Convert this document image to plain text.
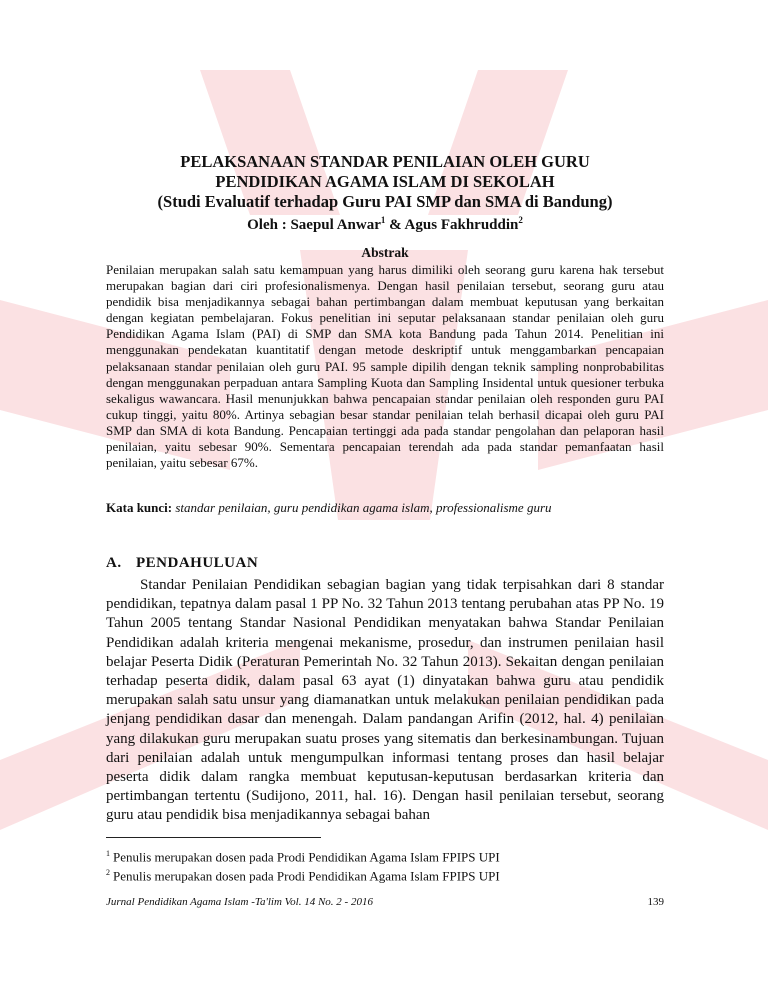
PELAKSANAAN STANDAR PENILAIAN OLEH GURU
PENDIDIKAN AGAMA ISLAM DI SEKOLAH
(Studi Evaluatif terhadap Guru PAI SMP dan SMA di Bandung)
Oleh : Saepul Anwar$^1$ & Agus Fakhruddin$^2$
Abstrak

Penilaian merupakan salah satu kemampuan yang harus dimiliki oleh seorang guru karena hak tersebut merupakan bagian dari ciri profesionalismenya. Dengan hasil penilaian tersebut, seorang guru atau pendidik bisa menjadikannya sebagai bahan pertimbangan dalam membuat keputusan yang berkaitan dengan kegiatan pembelajaran. Fokus penelitian ini seputar pelaksanaan standar penilaian oleh guru Pendidikan Agama Islam (PAI) di SMP dan SMA kota Bandung pada Tahun 2014. Penelitian ini menggunakan pendekatan kuantitatif dengan metode deskriptif untuk menggambarkan pencapaian pelaksanaan standar penilaian oleh guru PAI. 95 sample dipilih dengan teknik sampling nonprobabilitas dengan menggunakan perpaduan antara Sampling Kuota dan Sampling Insidental untuk quesioner terbuka sekaligus wawancara. Hasil menunjukkan bahwa pencapaian standar penilaian oleh responden guru PAI cukup tinggi, yaitu 80%. Artinya sebagian besar standar penilaian telah berhasil dicapai oleh guru PAI SMP dan SMA di kota Bandung. Pencapaian tertinggi ada pada standar pengolahan dan pelaporan hasil penilaian, yaitu sebesar 90%. Sementara pencapaian terendah ada pada standar pemanfaatan hasil penilaian, yaitu sebesar 67%.

Kata kunci: standar penilaian, guru pendidikan agama islam, professionalisme guru

A. PENDAHULUAN

Standar Penilaian Pendidikan sebagian bagian yang tidak terpisahkan dari 8 standar pendidikan, tepatnya dalam pasal 1 PP No. 32 Tahun 2013 tentang perubahan atas PP No. 19 Tahun 2005 tentang Standar Nasional Pendidikan menyatakan bahwa Standar Penilaian Pendidikan adalah kriteria mengenai mekanisme, prosedur, dan instrumen penilaian hasil belajar Peserta Didik (Peraturan Pemerintah No. 32 Tahun 2013). Sekaitan dengan penilaian terhadap peserta didik, dalam pasal 63 ayat (1) dinyatakan bahwa guru atau pendidik merupakan salah satu unsur yang diamanatkan untuk melakukan penilaian pendidikan pada jenjang pendidikan dasar dan menengah. Dalam pandangan Arifin (2012, hal. 4) penilaian yang dilakukan guru merupakan suatu proses yang sitematis dan berkesinambungan. Tujuan dari penilaian adalah untuk mengumpulkan informasi tentang proses dan hasil belajar peserta didik dalam rangka membuat keputusan-keputusan berdasarkan kriteria dan pertimbangan tertentu (Sudijono, 2011, hal. 16). Dengan hasil penilaian tersebut, seorang guru atau pendidik bisa menjadikannya sebagai bahan

$^1$ Penulis merupakan dosen pada Prodi Pendidikan Agama Islam FPIPS UPI
$^2$ Penulis merupakan dosen pada Prodi Pendidikan Agama Islam FPIPS UPI
Jurnal Pendidikan Agama Islam -Ta'lim Vol. 14 No. 2 - 2016	139
